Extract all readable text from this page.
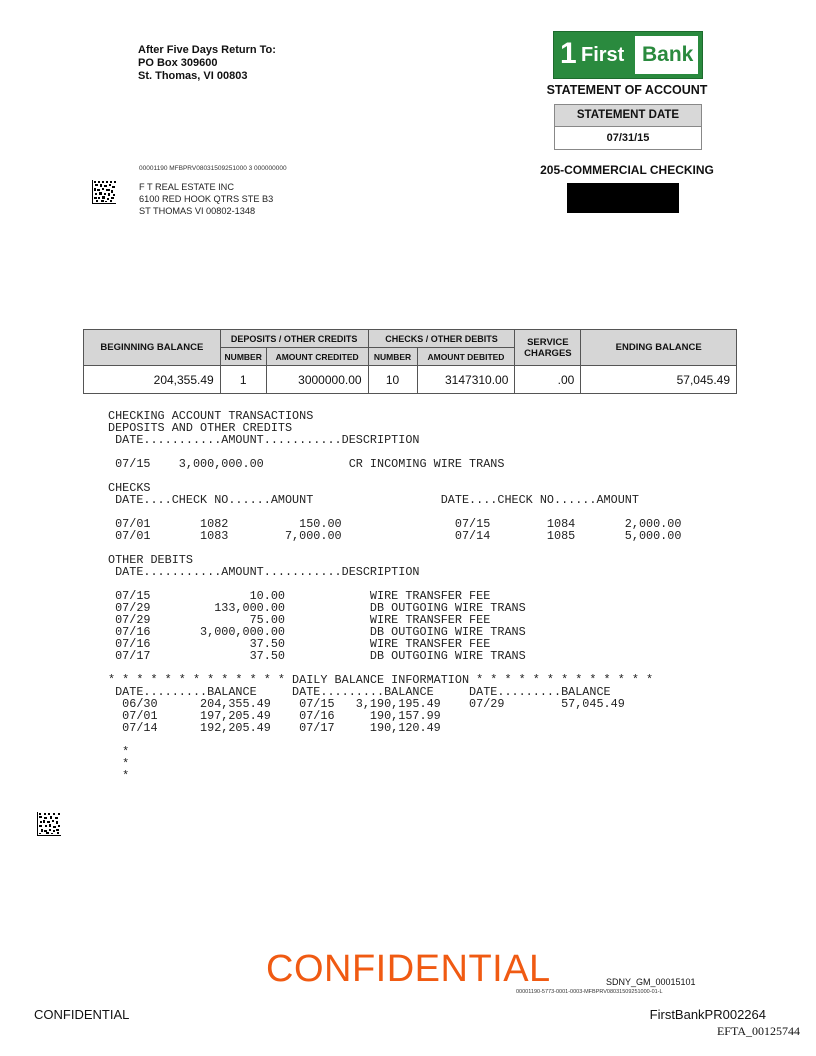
After Five Days Return To:
PO Box 309600
St. Thomas, VI 00803
1 First Bank
STATEMENT OF ACCOUNT
STATEMENT DATE
07/31/15
205-COMMERCIAL CHECKING
00001190 MFBPRV08031509251000 3 000000000
F T REAL ESTATE INC
6100 RED HOOK QTRS STE B3
ST THOMAS VI 00802-1348
BEGINNING BALANCE	DEPOSITS / OTHER CREDITS		CHECKS / OTHER DEBITS		SERVICE CHARGES	ENDING BALANCE
	NUMBER	AMOUNT CREDITED	NUMBER	AMOUNT DEBITED		
204,355.49	1	3000000.00	10	3147310.00	.00	57,045.49
CHECKING ACCOUNT TRANSACTIONS
DEPOSITS AND OTHER CREDITS
DATE...........AMOUNT...........DESCRIPTION

07/15    3,000,000.00            CR INCOMING WIRE TRANS

CHECKS
DATE....CHECK NO......AMOUNT                  DATE....CHECK NO......AMOUNT

07/01       1082          150.00                07/15        1084       2,000.00
07/01       1083        7,000.00                07/14        1085       5,000.00

OTHER DEBITS
DATE...........AMOUNT...........DESCRIPTION

07/15              10.00            WIRE TRANSFER FEE
07/29         133,000.00            DB OUTGOING WIRE TRANS
07/29              75.00            WIRE TRANSFER FEE
07/16       3,000,000.00            DB OUTGOING WIRE TRANS
07/16              37.50            WIRE TRANSFER FEE
07/17              37.50            DB OUTGOING WIRE TRANS

* * * * * * * * * * * * * DAILY BALANCE INFORMATION * * * * * * * * * * * * *
DATE.........BALANCE     DATE.........BALANCE     DATE.........BALANCE
06/30      204,355.49    07/15   3,190,195.49    07/29        57,045.49
07/01      197,205.49    07/16     190,157.99
07/14      192,205.49    07/17     190,120.49

*
*
*
CONFIDENTIAL	SDNY_GM_00015101
00001190-5773-0001-0003-MFBPRV08031509251000-01-L
CONFIDENTIAL	FirstBankPR002264
EFTA_00125744
